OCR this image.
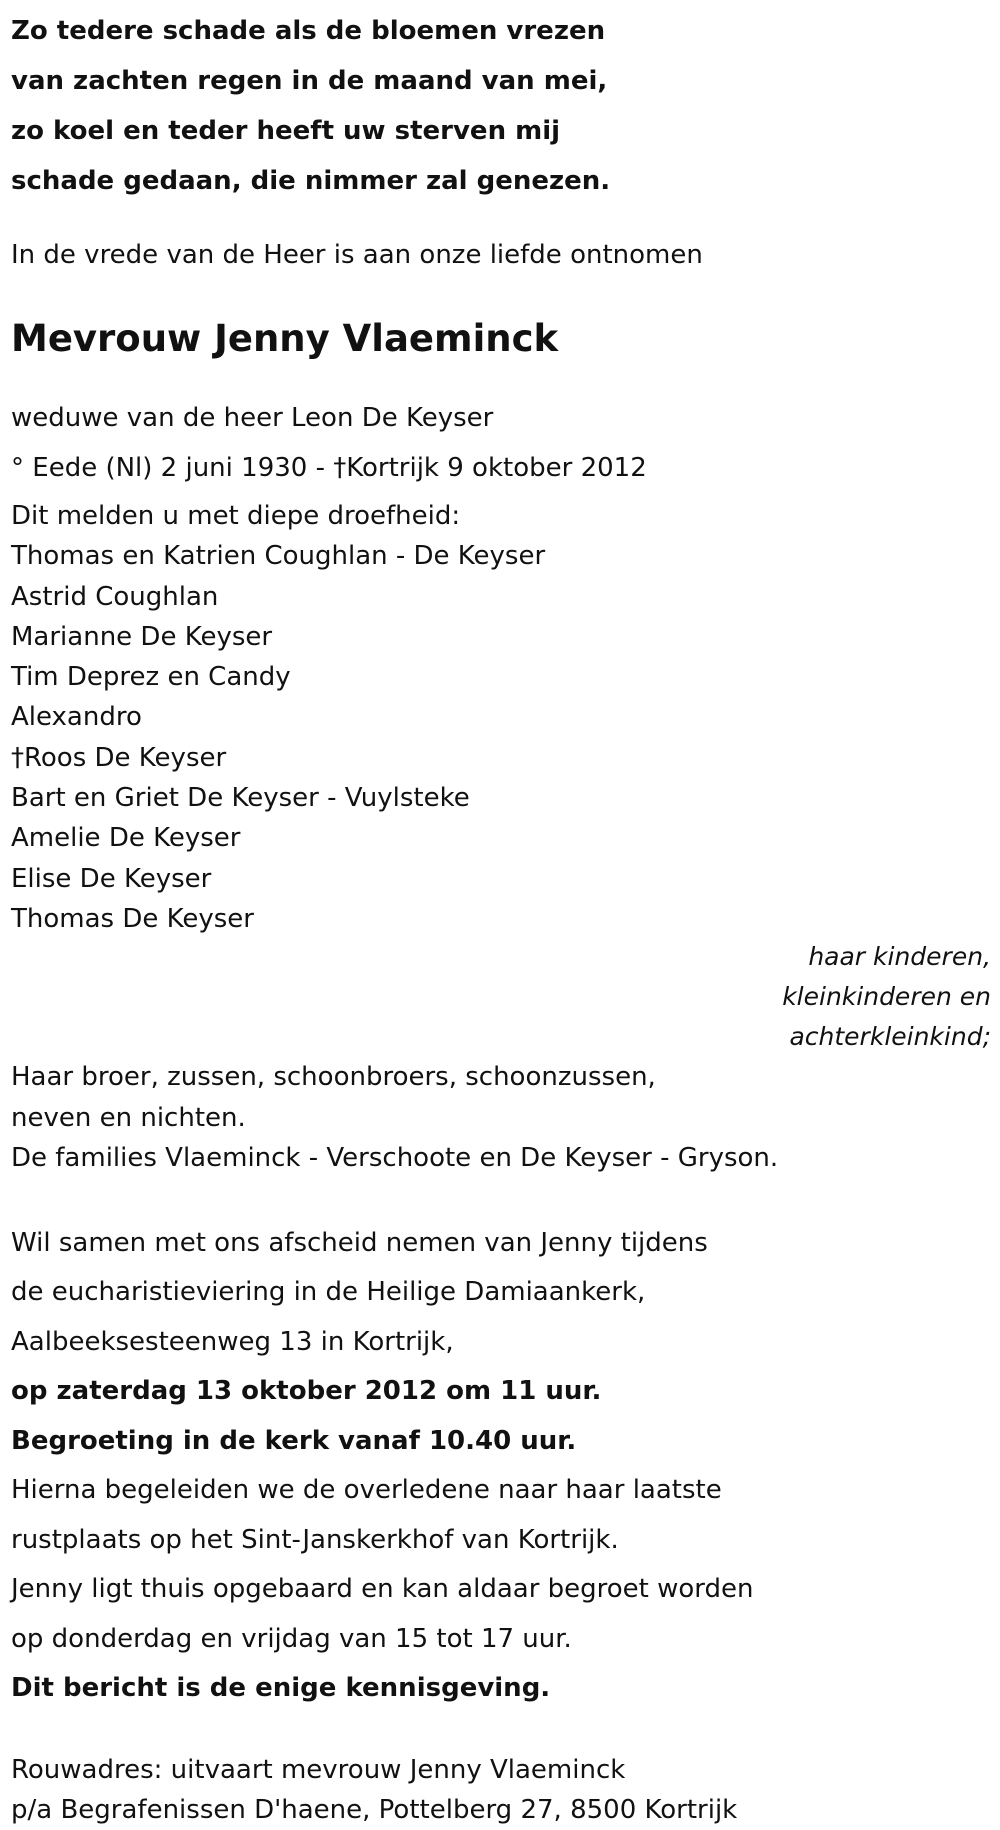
Zo tedere schade als de bloemen vrezen
van zachten regen in de maand van mei,
zo koel en teder heeft uw sterven mij
schade gedaan, die nimmer zal genezen.
In de vrede van de Heer is aan onze liefde ontnomen
Mevrouw Jenny Vlaeminck
weduwe van de heer Leon De Keyser
° Eede (Nl) 2 juni 1930 - †Kortrijk 9 oktober 2012
Dit melden u met diepe droefheid:
Thomas en Katrien Coughlan - De Keyser
Astrid Coughlan
Marianne De Keyser
Tim Deprez en Candy
Alexandro
†Roos De Keyser
Bart en Griet De Keyser - Vuylsteke
Amelie De Keyser
Elise De Keyser
Thomas De Keyser
haar kinderen,
kleinkinderen en
achterkleinkind;
Haar broer, zussen, schoonbroers, schoonzussen,
neven en nichten.
De families Vlaeminck - Verschoote en De Keyser - Gryson.
Wil samen met ons afscheid nemen van Jenny tijdens
de eucharistieviering in de Heilige Damiaankerk,
Aalbeeksesteenweg 13 in Kortrijk,
op zaterdag 13 oktober 2012 om 11 uur.
Begroeting in de kerk vanaf 10.40 uur.
Hierna begeleiden we de overledene naar haar laatste
rustplaats op het Sint-Janskerkhof van Kortrijk.
Jenny ligt thuis opgebaard en kan aldaar begroet worden
op donderdag en vrijdag van 15 tot 17 uur.
Dit bericht is de enige kennisgeving.
Rouwadres: uitvaart mevrouw Jenny Vlaeminck
p/a Begrafenissen D'haene, Pottelberg 27, 8500 Kortrijk
